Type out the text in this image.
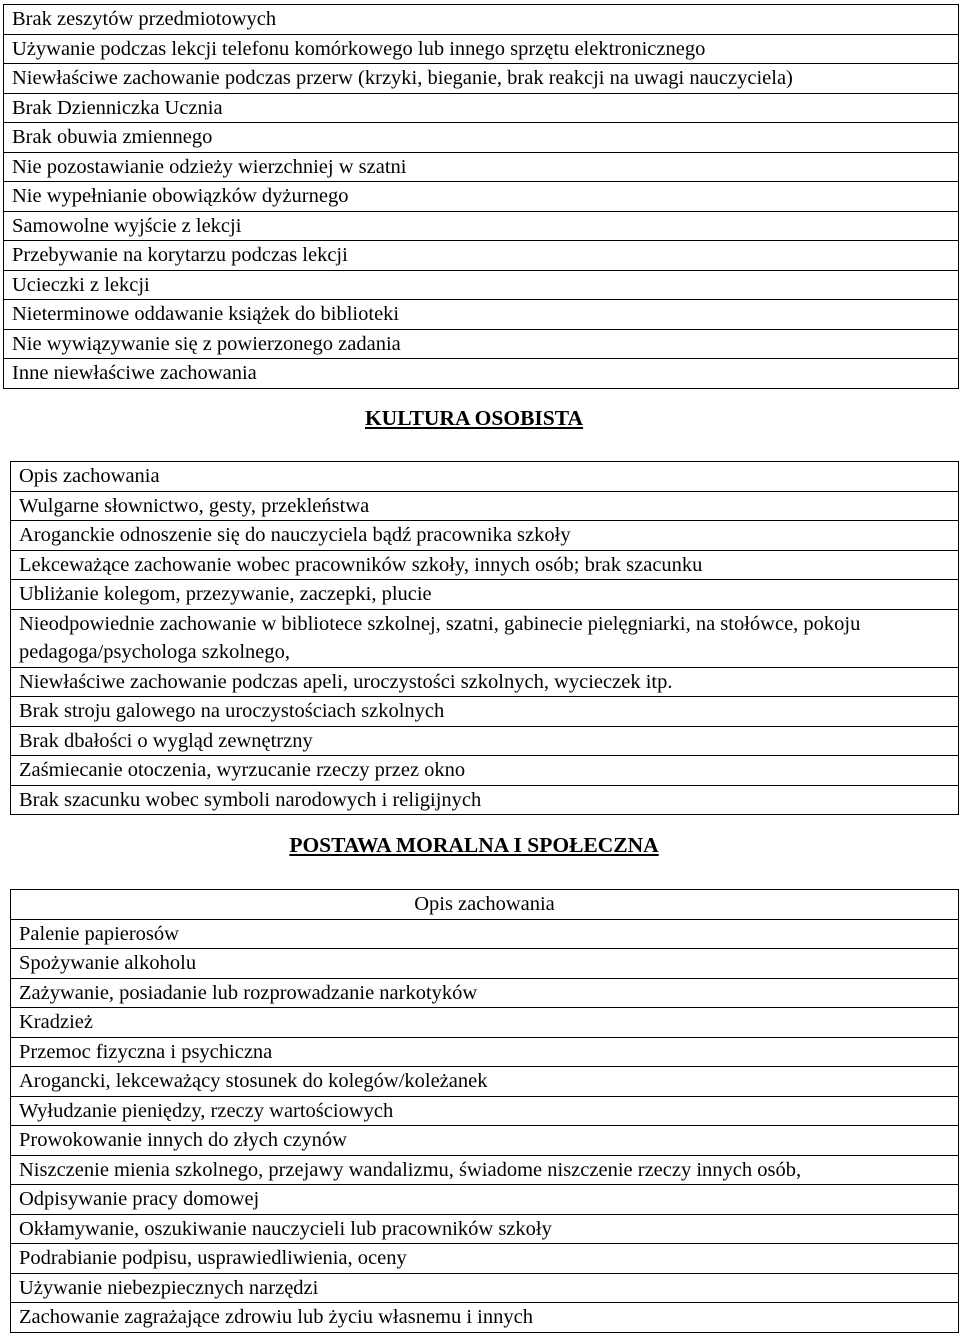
Brak zeszytów przedmiotowych
Używanie podczas lekcji telefonu komórkowego lub innego sprzętu elektronicznego
Niewłaściwe zachowanie podczas przerw (krzyki, bieganie, brak reakcji na uwagi nauczyciela)
Brak Dzienniczka Ucznia
Brak obuwia zmiennego
Nie pozostawianie odzieży wierzchniej w szatni
Nie wypełnianie obowiązków dyżurnego
Samowolne wyjście z lekcji
Przebywanie na korytarzu podczas lekcji
Ucieczki z lekcji
Nieterminowe oddawanie książek do biblioteki
Nie wywiązywanie się z powierzonego zadania
Inne niewłaściwe zachowania
KULTURA OSOBISTA
Opis zachowania
Wulgarne słownictwo, gesty, przekleństwa
Aroganckie odnoszenie się do nauczyciela bądź pracownika szkoły
Lekceważące zachowanie wobec pracowników szkoły, innych osób; brak szacunku
Ubliżanie kolegom, przezywanie, zaczepki, plucie
Nieodpowiednie zachowanie w bibliotece szkolnej, szatni, gabinecie pielęgniarki, na stołówce, pokoju pedagoga/psychologa szkolnego,
Niewłaściwe zachowanie podczas apeli, uroczystości szkolnych, wycieczek itp.
Brak stroju galowego na uroczystościach szkolnych
Brak dbałości o wygląd zewnętrzny
Zaśmiecanie otoczenia, wyrzucanie rzeczy przez okno
Brak szacunku wobec symboli narodowych i religijnych
POSTAWA MORALNA I SPOŁECZNA
Opis zachowania
Palenie papierosów
Spożywanie alkoholu
Zażywanie, posiadanie lub rozprowadzanie narkotyków
Kradzież
Przemoc fizyczna i psychiczna
Arogancki, lekceważący stosunek do kolegów/koleżanek
Wyłudzanie pieniędzy, rzeczy wartościowych
Prowokowanie innych do złych czynów
Niszczenie mienia szkolnego, przejawy wandalizmu, świadome niszczenie rzeczy innych osób,
Odpisywanie pracy domowej
Okłamywanie, oszukiwanie nauczycieli lub pracowników szkoły
Podrabianie podpisu, usprawiedliwienia, oceny
Używanie niebezpiecznych narzędzi
Zachowanie zagrażające zdrowiu lub życiu własnemu i innych
